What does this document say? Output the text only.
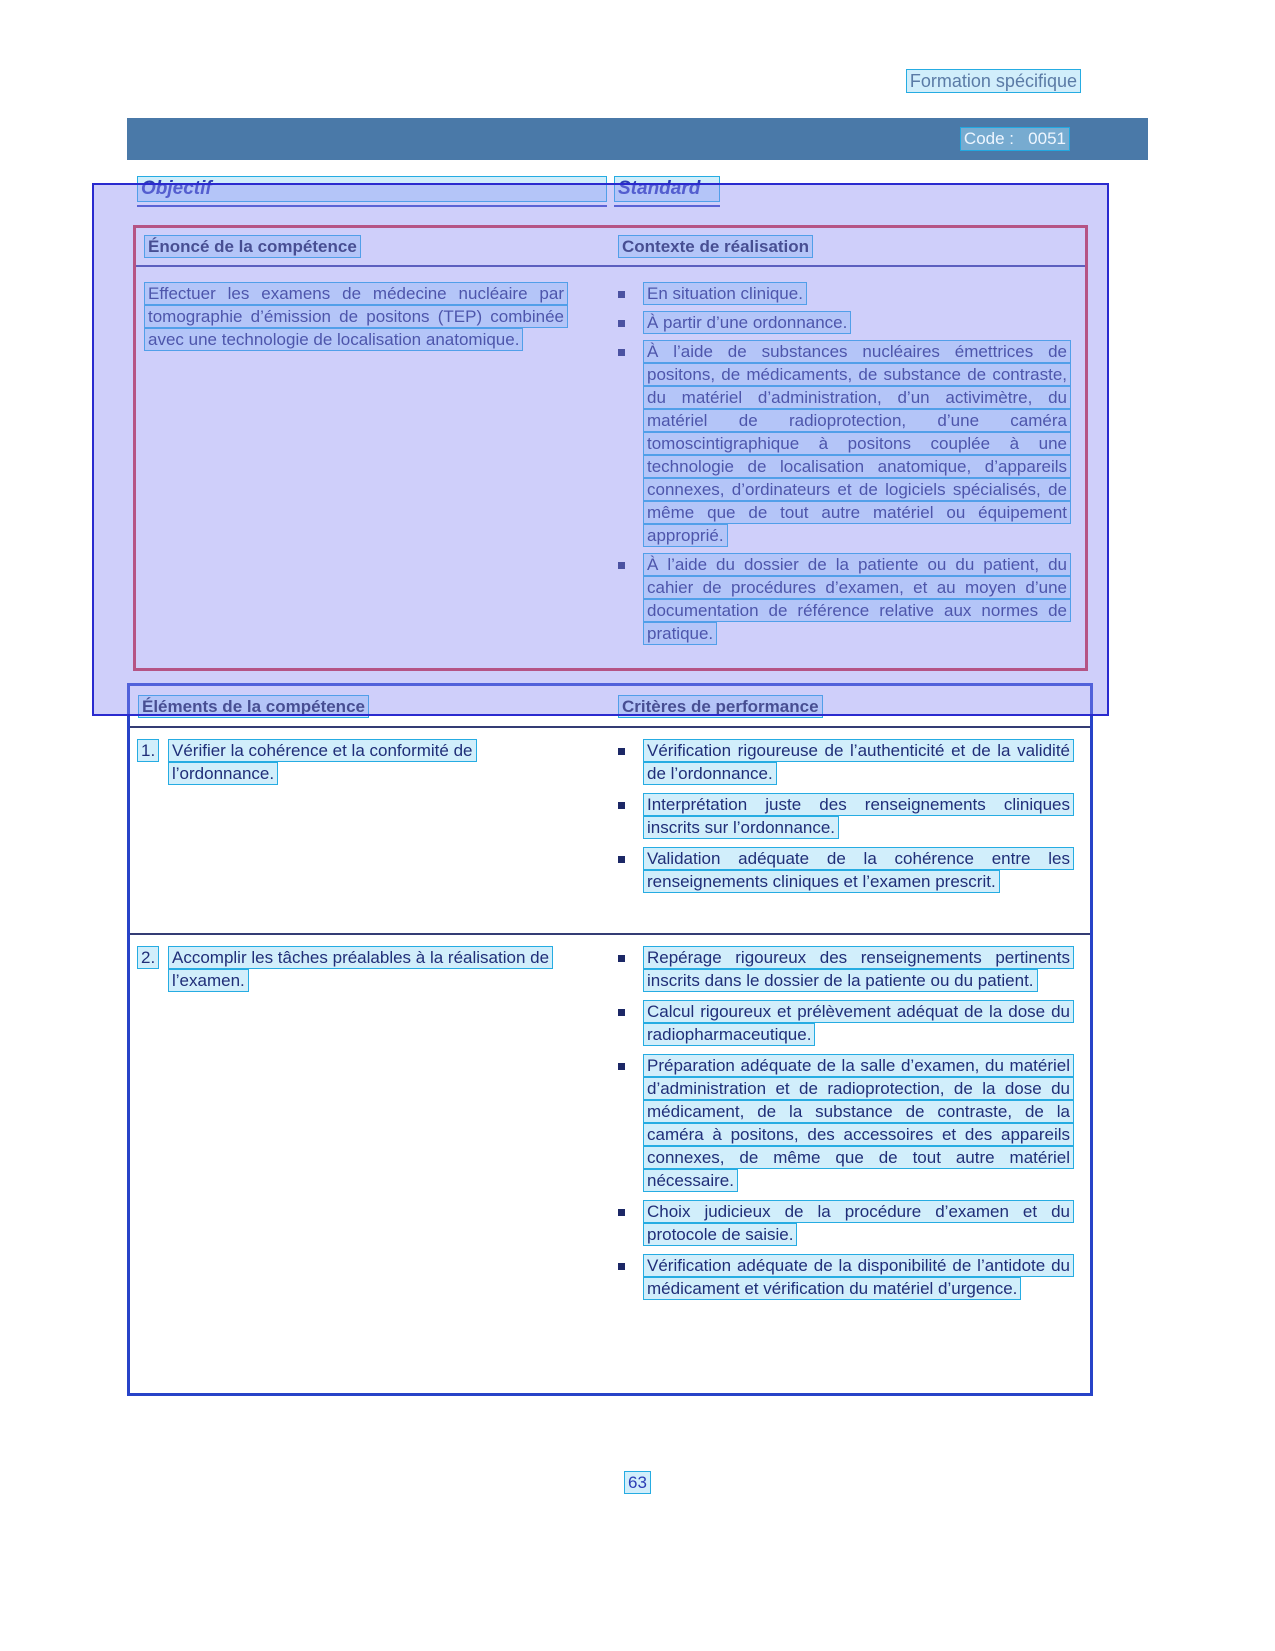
Formation spécifique
Code :   0051
Objectif	Standard
Énoncé de la compétence	Contexte de réalisation

Effectuer les examens de médecine nucléaire par tomographie d’émission de positons (TEP) combinée avec une technologie de localisation anatomique.

En situation clinique.

À partir d’une ordonnance.

À l’aide de substances nucléaires émettrices de positons, de médicaments, de substance de contraste, du matériel d’administration, d’un activimètre, du matériel de radioprotection, d’une caméra tomoscintigraphique à positons couplée à une technologie de localisation anatomique, d’appareils connexes, d’ordinateurs et de logiciels spécialisés, de même que de tout autre matériel ou équipement approprié.

À l’aide du dossier de la patiente ou du patient, du cahier de procédures d’examen, et au moyen d’une documentation de référence relative aux normes de pratique.

Éléments de la compétence	Critères de performance
1. Vérifier la cohérence et la conformité de l’ordonnance.

Vérification rigoureuse de l’authenticité et de la validité de l’ordonnance.

Interprétation juste des renseignements cliniques inscrits sur l’ordonnance.

Validation adéquate de la cohérence entre les renseignements cliniques et l’examen prescrit.

2. Accomplir les tâches préalables à la réalisation de l’examen.

Repérage rigoureux des renseignements pertinents inscrits dans le dossier de la patiente ou du patient.

Calcul rigoureux et prélèvement adéquat de la dose du radiopharmaceutique.

Préparation adéquate de la salle d’examen, du matériel d’administration et de radioprotection, de la dose du médicament, de la substance de contraste, de la caméra à positons, des accessoires et des appareils connexes, de même que de tout autre matériel nécessaire.

Choix judicieux de la procédure d’examen et du protocole de saisie.

Vérification adéquate de la disponibilité de l’antidote du médicament et vérification du matériel d’urgence.

63
